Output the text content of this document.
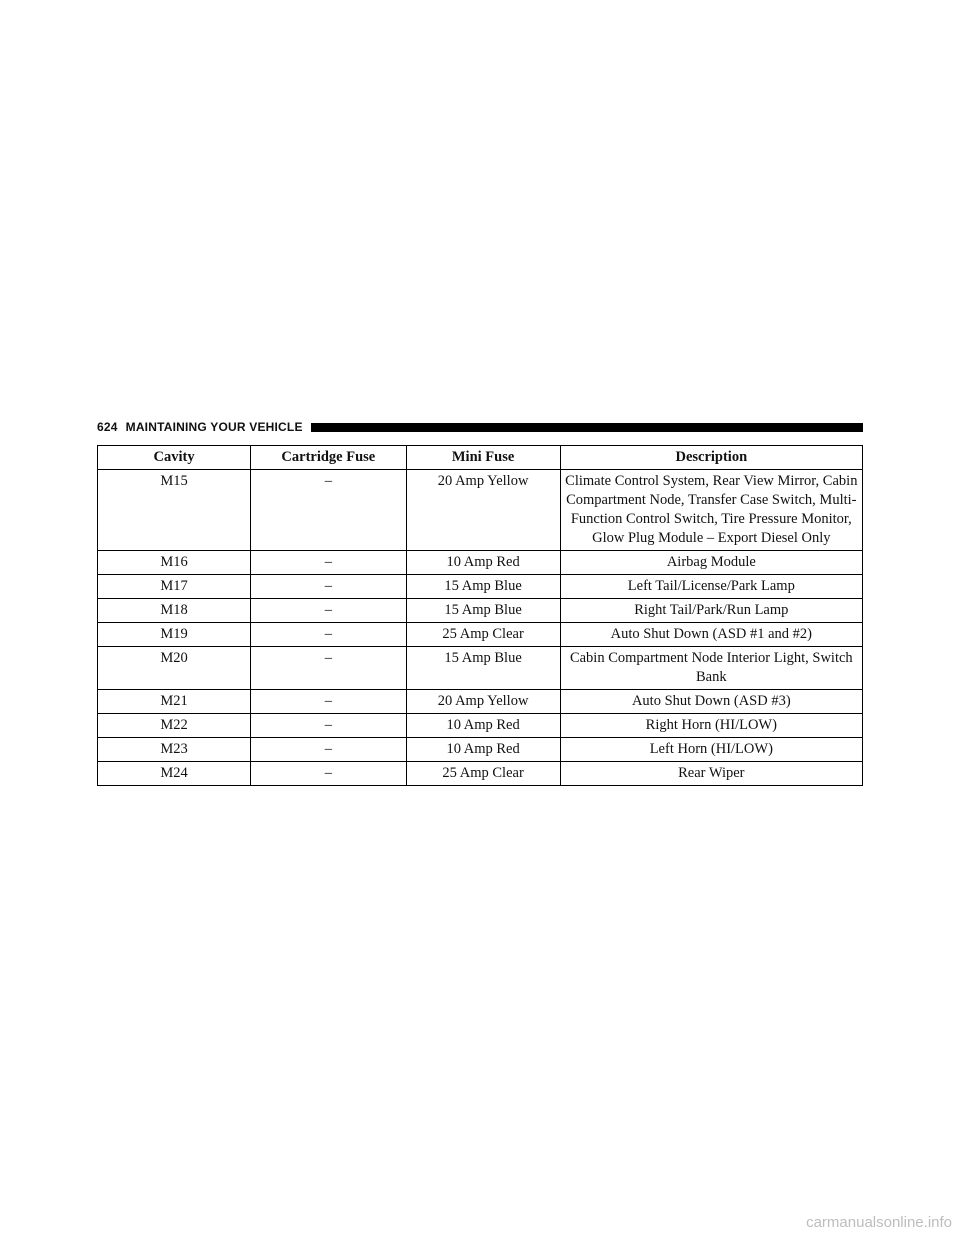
624 MAINTAINING YOUR VEHICLE
Cavity	Cartridge Fuse	Mini Fuse	Description
M15	–	20 Amp Yellow	Climate Control System, Rear View Mirror, Cabin Compartment Node, Transfer Case Switch, Multi-Function Control Switch, Tire Pressure Monitor, Glow Plug Module – Export Diesel Only
M16	–	10 Amp Red	Airbag Module
M17	–	15 Amp Blue	Left Tail/License/Park Lamp
M18	–	15 Amp Blue	Right Tail/Park/Run Lamp
M19	–	25 Amp Clear	Auto Shut Down (ASD #1 and #2)
M20	–	15 Amp Blue	Cabin Compartment Node Interior Light, Switch Bank
M21	–	20 Amp Yellow	Auto Shut Down (ASD #3)
M22	–	10 Amp Red	Right Horn (HI/LOW)
M23	–	10 Amp Red	Left Horn (HI/LOW)
M24	–	25 Amp Clear	Rear Wiper
carmanualsonline.info
